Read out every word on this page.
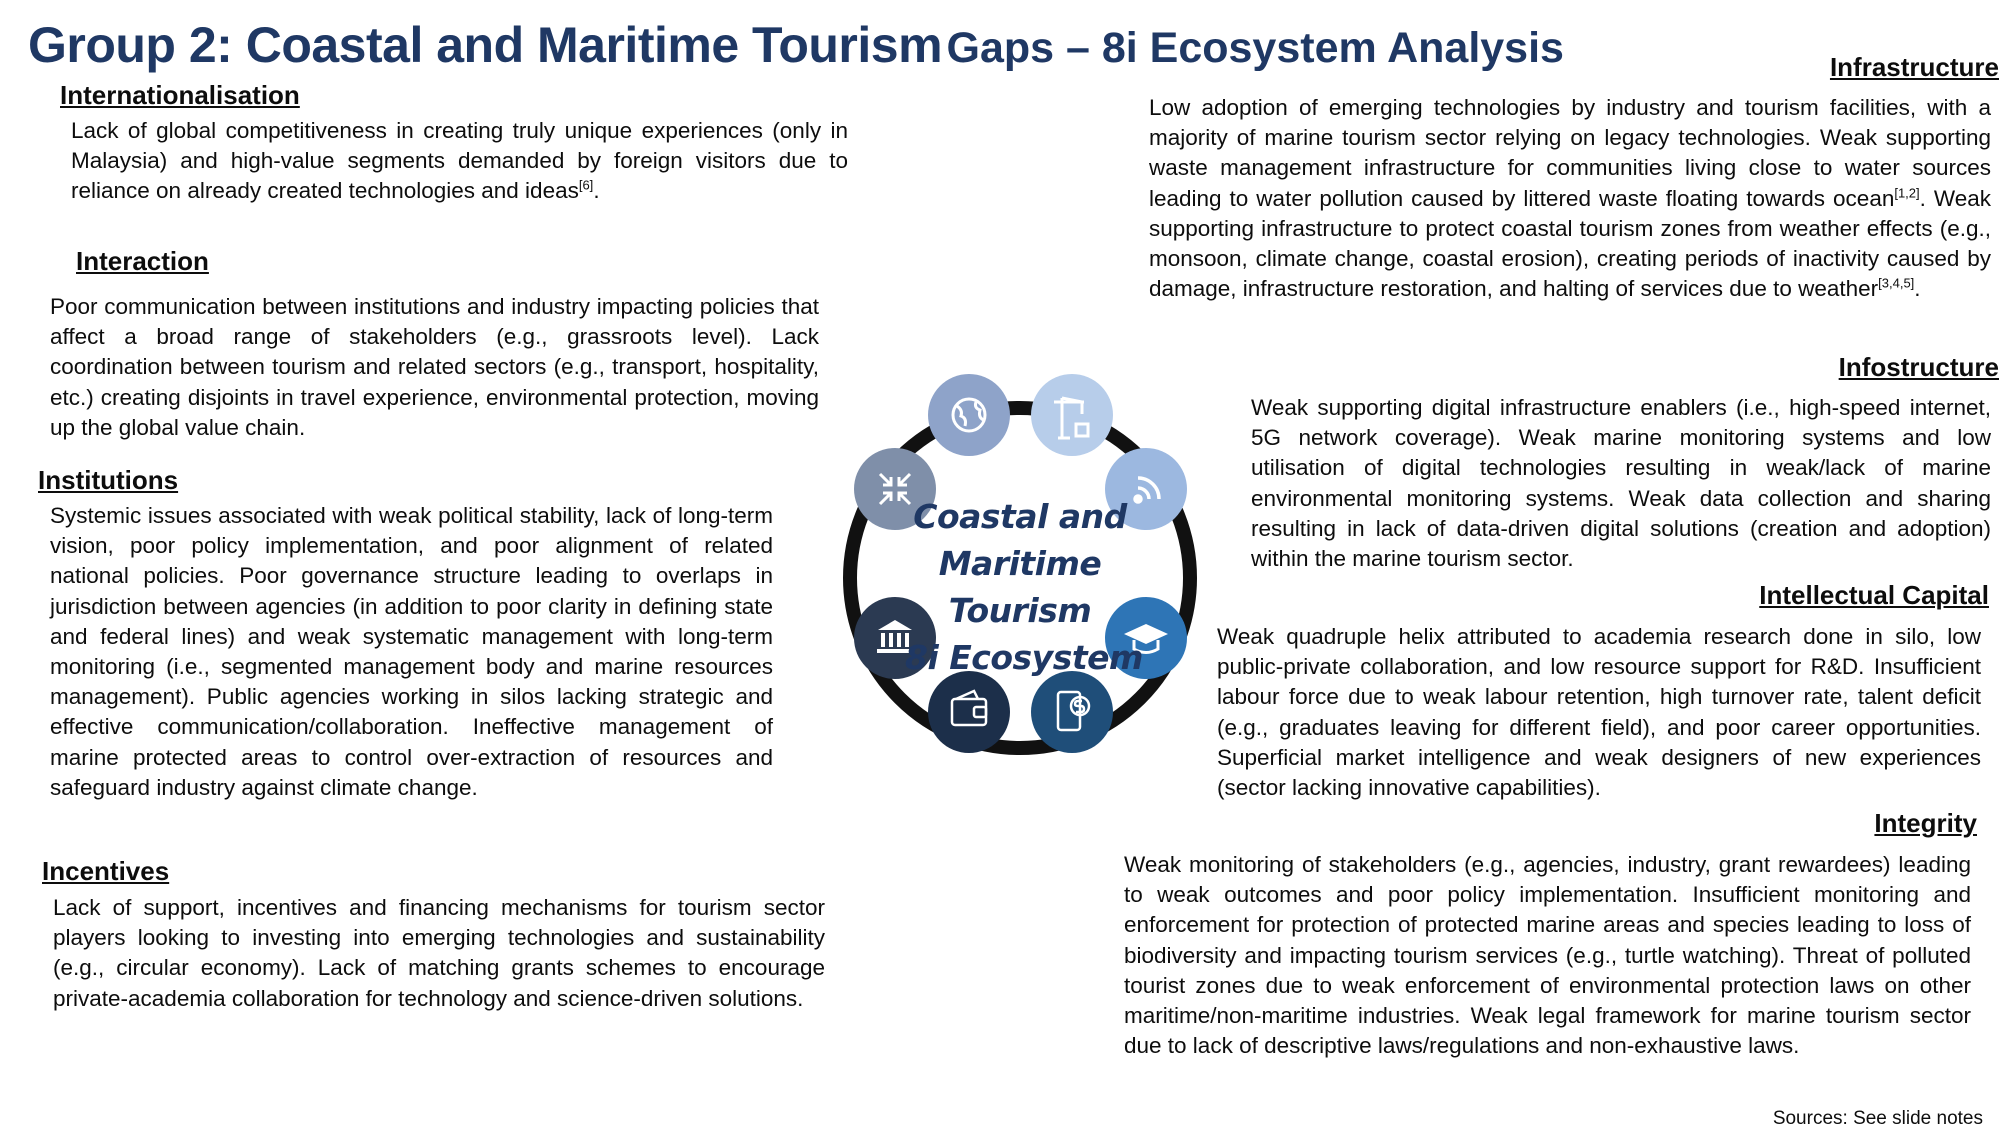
Group 2: Coastal and Maritime Tourism Gaps – 8i Ecosystem Analysis
Internationalisation
Lack of global competitiveness in creating truly unique experiences (only in Malaysia) and high-value segments demanded by foreign visitors due to reliance on already created technologies and ideas[6].
Interaction
Poor communication between institutions and industry impacting policies that affect a broad range of stakeholders (e.g., grassroots level). Lack coordination between tourism and related sectors (e.g., transport, hospitality, etc.) creating disjoints in travel experience, environmental protection, moving up the global value chain.
Institutions
Systemic issues associated with weak political stability, lack of long-term vision, poor policy implementation, and poor alignment of related national policies. Poor governance structure leading to overlaps in jurisdiction between agencies (in addition to poor clarity in defining state and federal lines) and weak systematic management with long-term monitoring (i.e., segmented management body and marine resources management). Public agencies working in silos lacking strategic and effective communication/collaboration. Ineffective management of marine protected areas to control over-extraction of resources and safeguard industry against climate change.
Incentives
Lack of support, incentives and financing mechanisms for tourism sector players looking to investing into emerging technologies and sustainability (e.g., circular economy). Lack of matching grants schemes to encourage private-academia collaboration for technology and science-driven solutions.
Infrastructure
Low adoption of emerging technologies by industry and tourism facilities, with a majority of marine tourism sector relying on legacy technologies. Weak supporting waste management infrastructure for communities living close to water sources leading to water pollution caused by littered waste floating towards ocean[1,2]. Weak supporting infrastructure to protect coastal tourism zones from weather effects (e.g., monsoon, climate change, coastal erosion), creating periods of inactivity caused by damage, infrastructure restoration, and halting of services due to weather[3,4,5].
Infostructure
Weak supporting digital infrastructure enablers (i.e., high-speed internet, 5G network coverage). Weak marine monitoring systems and low utilisation of digital technologies resulting in weak/lack of marine environmental monitoring systems. Weak data collection and sharing resulting in lack of data-driven digital solutions (creation and adoption) within the marine tourism sector.
Intellectual Capital
Weak quadruple helix attributed to academia research done in silo, low public-private collaboration, and low resource support for R&D. Insufficient labour force due to weak labour retention, high turnover rate, talent deficit (e.g., graduates leaving for different field), and poor career opportunities. Superficial market intelligence and weak designers of new experiences (sector lacking innovative capabilities).
Integrity
Weak monitoring of stakeholders (e.g., agencies, industry, grant rewardees) leading to weak outcomes and poor policy implementation. Insufficient monitoring and enforcement for protection of protected marine areas and species leading to loss of biodiversity and impacting tourism services (e.g., turtle watching). Threat of polluted tourist zones due to weak enforcement of environmental protection laws on other maritime/non-maritime industries. Weak legal framework for marine tourism sector due to lack of descriptive laws/regulations and non-exhaustive laws.
Sources: See slide notes
Coastal and
Maritime
Tourism
8i Ecosystem
